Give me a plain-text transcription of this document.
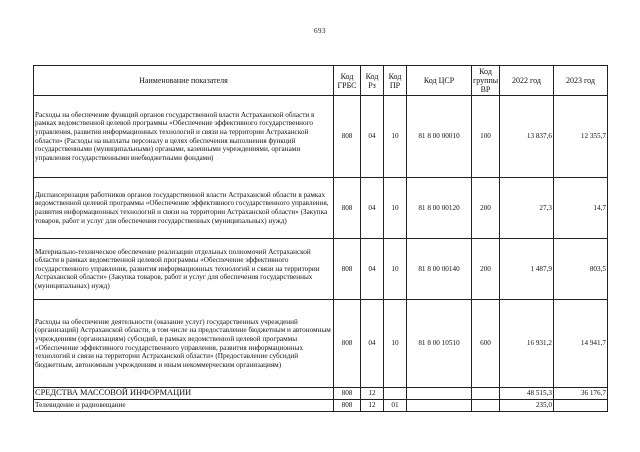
693
Наименование показателя	Код ГРБС	Код Рз	Код ПР	Код ЦСР	Код группы ВР	2022 год	2023 год
Расходы на обеспечение функций органов государственной власти Астраханской области в рамках ведомственной целевой программы «Обеспечение эффективного государственного управления, развития информационных технологий и связи на территории Астраханской области» (Расходы на выплаты персоналу в целях обеспечения выполнения функций государственными (муниципальными) органами, казенными учреждениями, органами управления государственными внебюджетными фондами)	808	04	10	81 8 00 00010	100	13 837,6	12 355,7
Диспансеризация работников органов государственной власти Астраханской области в рамках ведомственной целевой программы «Обеспечение эффективного государственного управления, развития информационных технологий и связи на территории Астраханской области» (Закупка товаров, работ и услуг для обеспечения государственных (муниципальных) нужд)	808	04	10	81 8 00 00120	200	27,3	14,7
Материально-техническое обеспечение реализации отдельных полномочий Астраханской области в рамках ведомственной целевой программы «Обеспечение эффективного государственного управления, развития информационных технологий и связи на территории Астраханской области» (Закупка товаров, работ и услуг для обеспечения государственных (муниципальных) нужд)	808	04	10	81 8 00 00140	200	1 487,9	803,5
Расходы на обеспечение деятельности (оказание услуг) государственных учреждений (организаций) Астраханской области, в том числе на предоставление бюджетным и автономным учреждениям (организациям) субсидий, в рамках ведомственной целевой программы «Обеспечение эффективного государственного управления, развития информационных технологий и связи на территории Астраханской области» (Предоставление субсидий бюджетным, автономным учреждениям и иным некоммерческим организациям)	808	04	10	81 8 00 10510	600	16 931,2	14 941,7
СРЕДСТВА МАССОВОЙ ИНФОРМАЦИИ	808	12				48 515,3	36 176,7
Телевидение и радиовещание	808	12	01			235,0	
